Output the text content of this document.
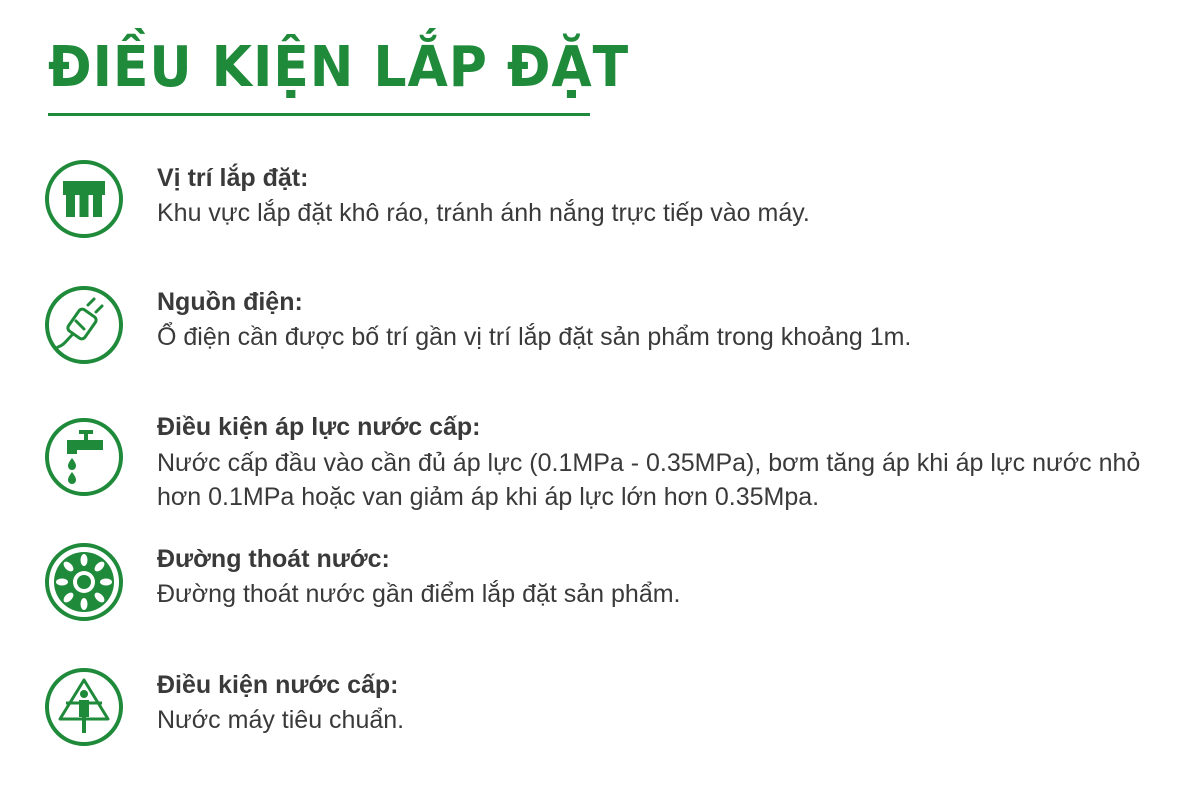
ĐIỀU KIỆN LẮP ĐẶT
Vị trí lắp đặt:

Khu vực lắp đặt khô ráo, tránh ánh nắng trực tiếp vào máy.

Nguồn điện:

Ổ điện cần được bố trí gần vị trí lắp đặt sản phẩm trong khoảng 1m.

Điều kiện áp lực nước cấp:

Nước cấp đầu vào cần đủ áp lực (0.1MPa - 0.35MPa), bơm tăng áp khi áp lực nước nhỏ hơn 0.1MPa hoặc van giảm áp khi áp lực lớn hơn 0.35Mpa.

Đường thoát nước:

Đường thoát nước gần điểm lắp đặt sản phẩm.

Điều kiện nước cấp:

Nước máy tiêu chuẩn.
